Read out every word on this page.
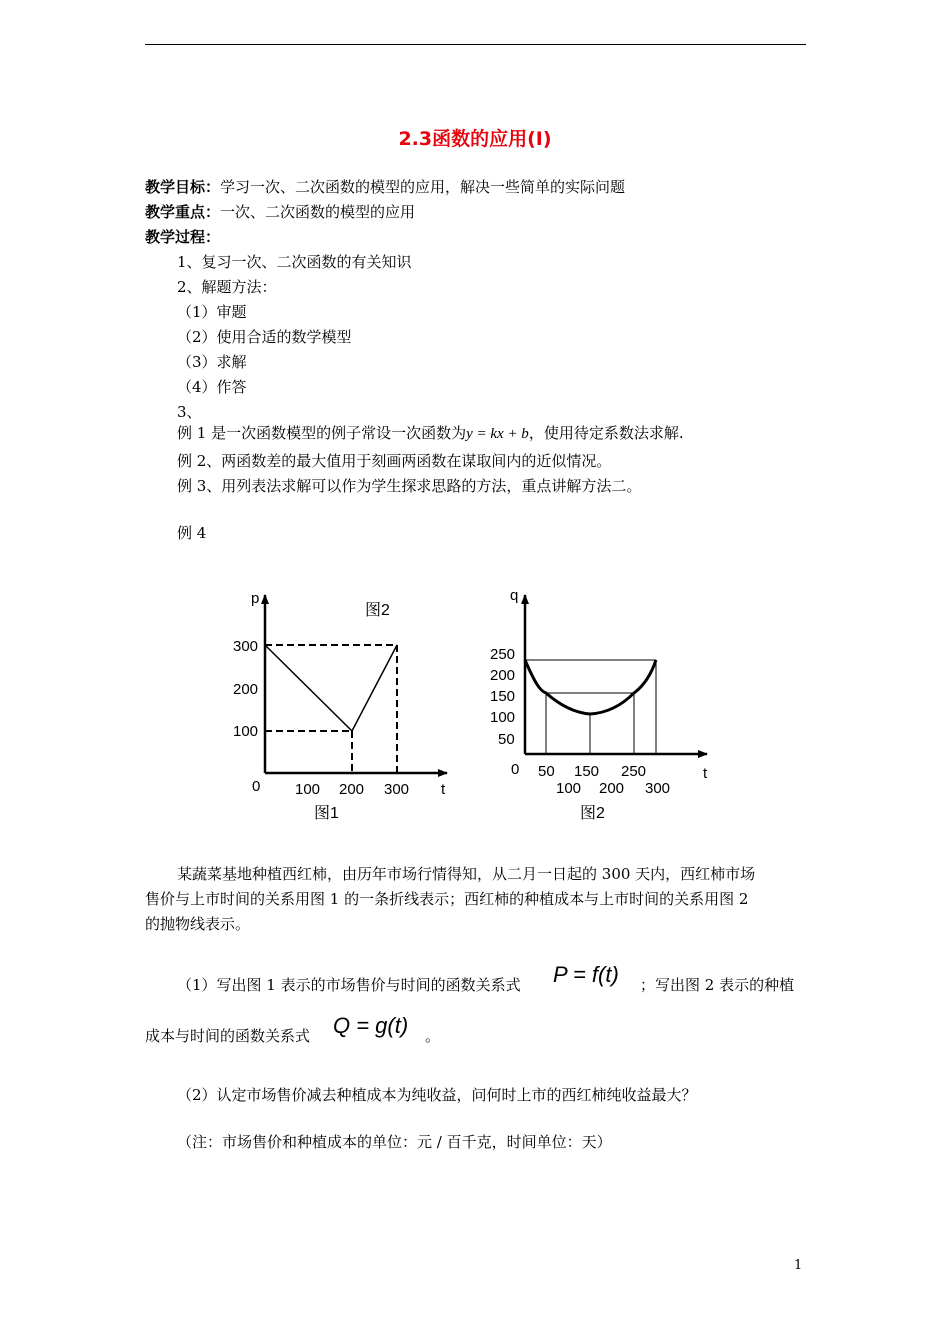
2.3函数的应用(Ⅰ)
教学目标：学习一次、二次函数的模型的应用，解决一些简单的实际问题
教学重点：一次、二次函数的模型的应用
教学过程：
1、复习一次、二次函数的有关知识
2、解题方法：
（1）审题
（2）使用合适的数学模型
（3）求解
（4）作答
3、
例 1 是一次函数模型的例子常设一次函数为y = kx + b，使用待定系数法求解.
例 2、两函数差的最大值用于刻画两函数在谋取间内的近似情况。
例 3、用列表法求解可以作为学生探求思路的方法，重点讲解方法二。
例 4
p
t
0
300
200
100
100 200 300
图2
图1
q
t
0
250
200
150
100
50
50 150 250
100 200 300
图2
某蔬菜基地种植西红柿，由历年市场行情得知，从二月一日起的 300 天内，西红柿市场
售价与上市时间的关系用图 1 的一条折线表示；西红柿的种植成本与上市时间的关系用图 2
的抛物线表示。
（1）写出图 1 表示的市场售价与时间的函数关系式 P = f(t) ；写出图 2 表示的种植
成本与时间的函数关系式 Q = g(t) 。
（2）认定市场售价减去种植成本为纯收益，问何时上市的西红柿纯收益最大？
（注：市场售价和种植成本的单位：元 / 百千克，时间单位：天）
1
